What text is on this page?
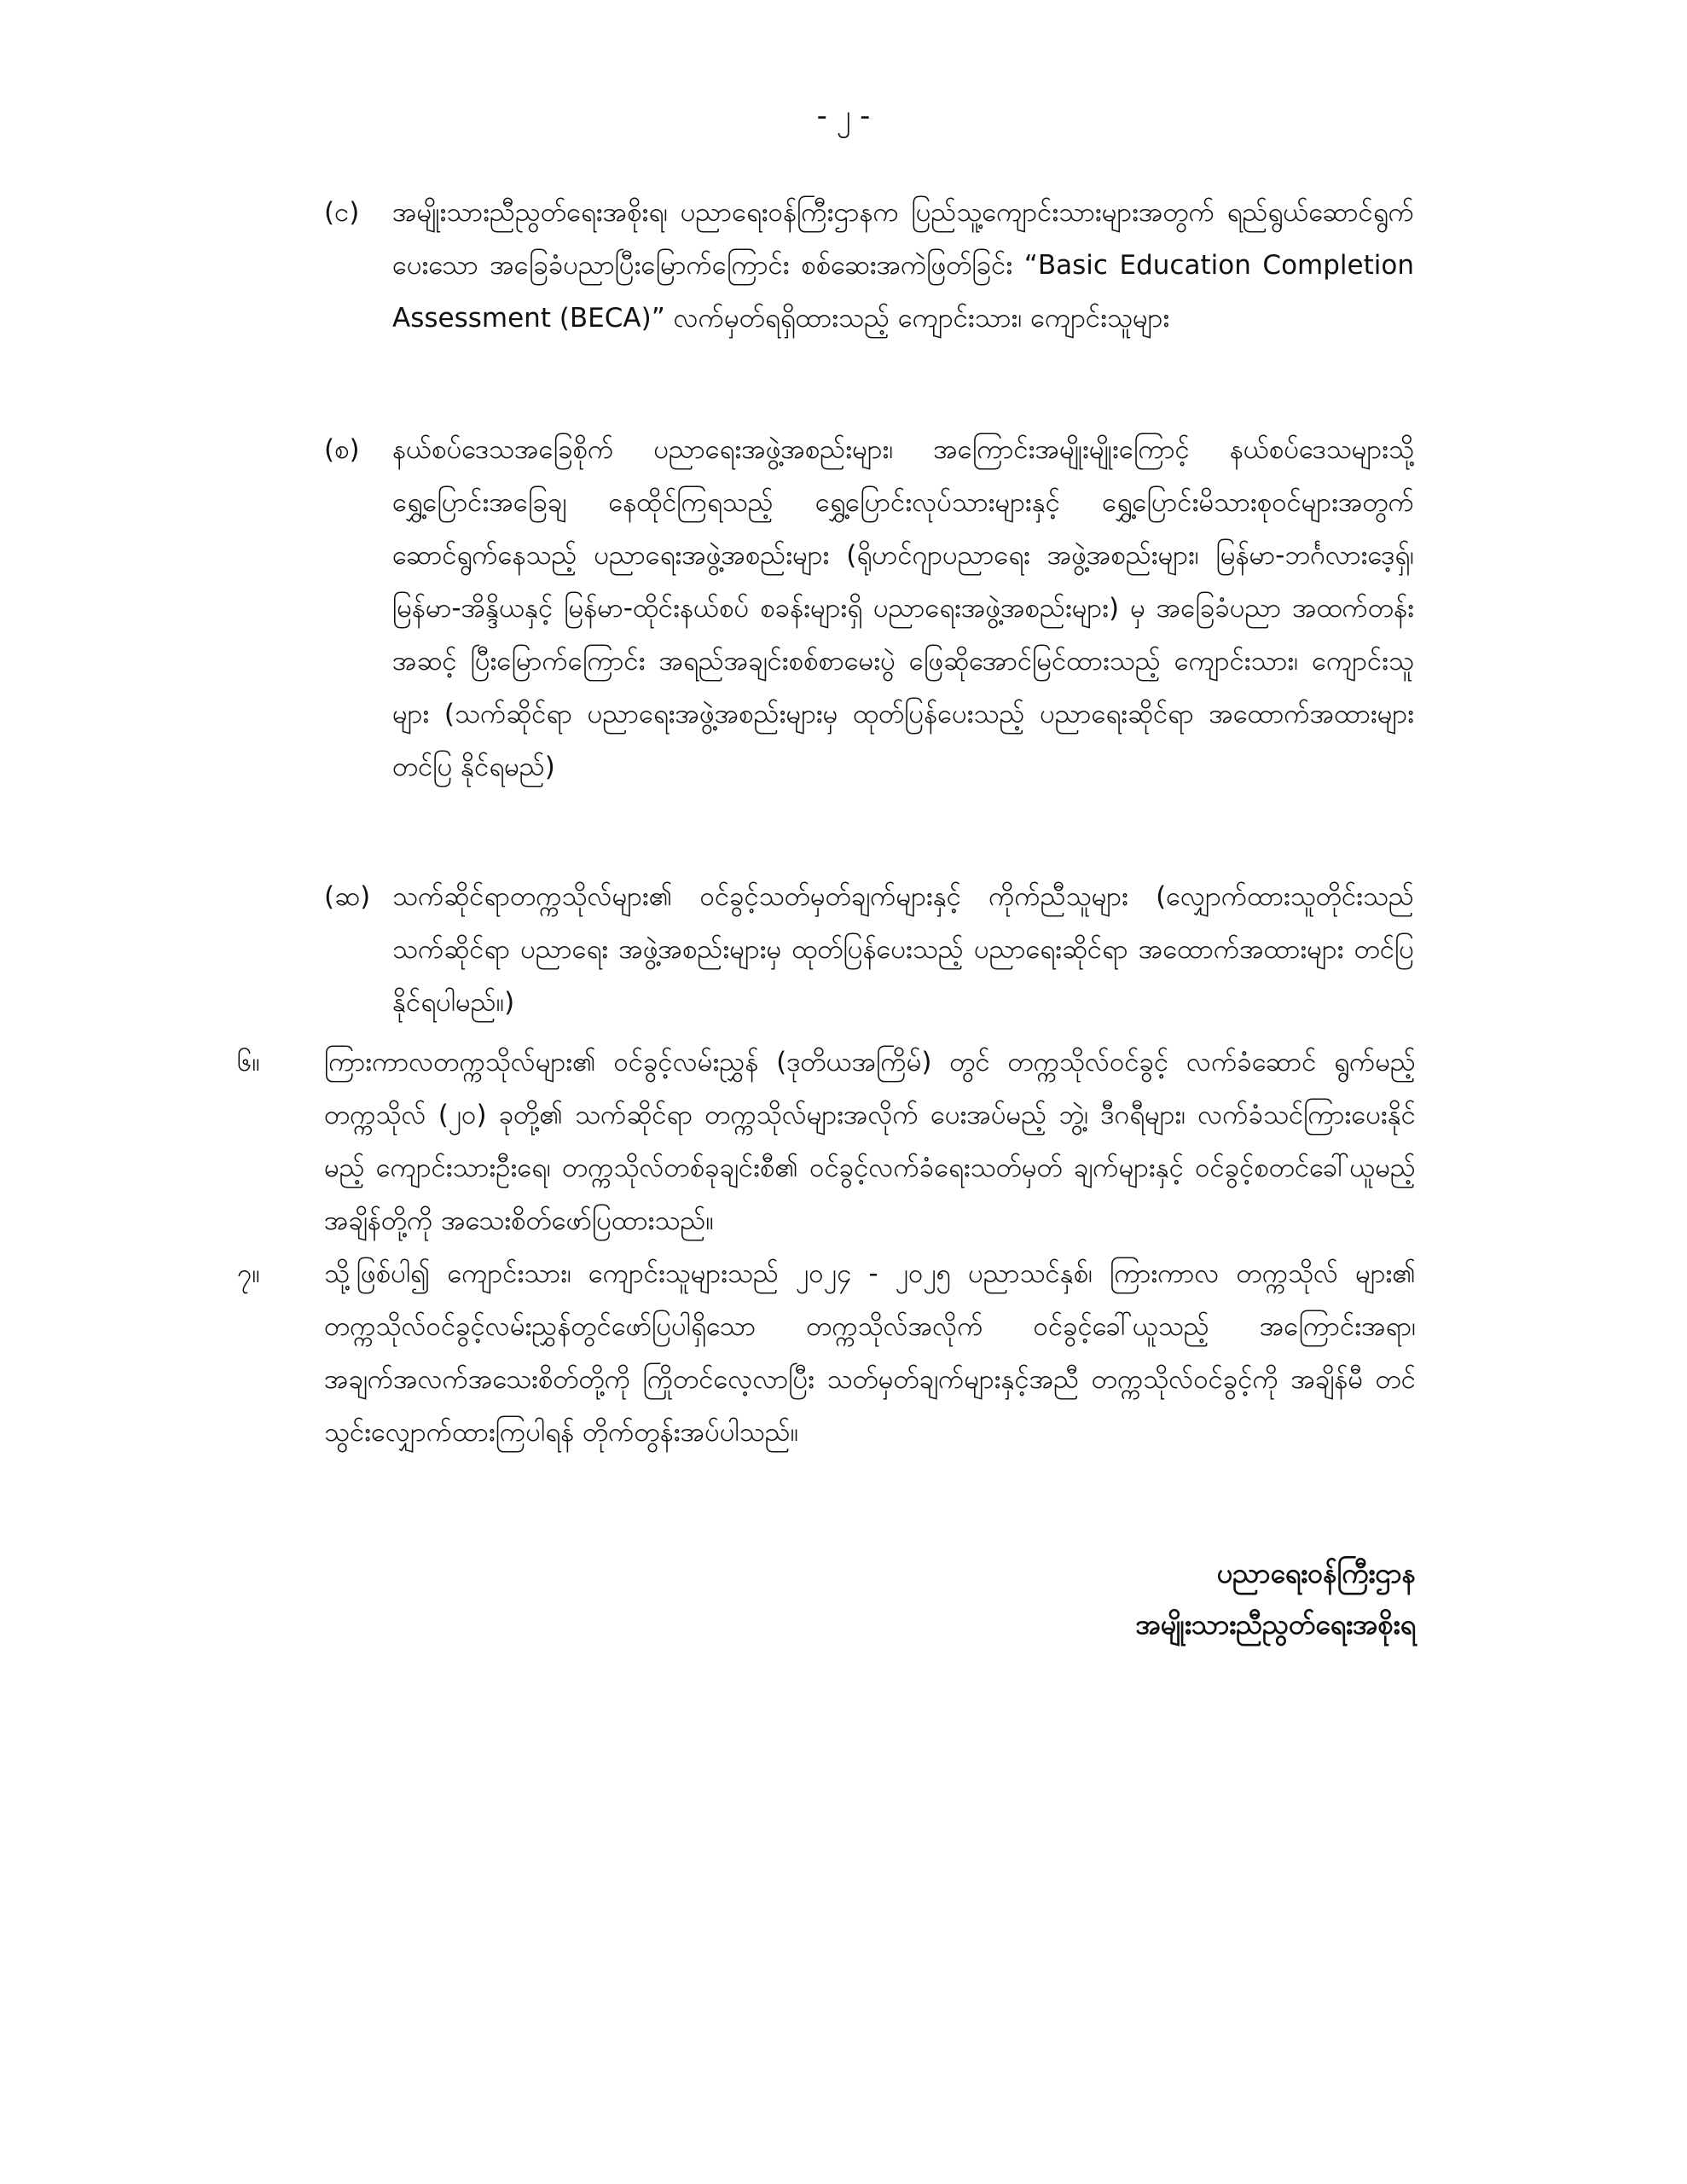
- ၂ -
(င) အမျိုးသားညီညွတ်ရေးအစိုးရ၊ ပညာရေးဝန်ကြီးဌာနက ပြည်သူ့ကျောင်းသားများအတွက် ရည်ရွယ်ဆောင်ရွက် ပေးသော အခြေခံပညာပြီးမြောက်ကြောင်း စစ်ဆေးအကဲဖြတ်ခြင်း “Basic Education Completion Assessment (BECA)” လက်မှတ်ရရှိထားသည့် ကျောင်းသား၊ ကျောင်းသူများ
(စ) နယ်စပ်ဒေသအခြေစိုက် ပညာရေးအဖွဲ့အစည်းများ၊ အကြောင်းအမျိုးမျိုးကြောင့် နယ်စပ်ဒေသများသို့ ရွှေ့ပြောင်းအခြေချ နေထိုင်ကြရသည့် ရွှေ့ပြောင်းလုပ်သားများနှင့် ရွှေ့ပြောင်းမိသားစုဝင်များအတွက် ဆောင်ရွက်နေသည့် ပညာရေးအဖွဲ့အစည်းများ (ရိုဟင်ဂျာပညာရေး အဖွဲ့အစည်းများ၊ မြန်မာ-ဘင်္ဂလားဒေ့ရှ်၊ မြန်မာ-အိန္ဒိယနှင့် မြန်မာ-ထိုင်းနယ်စပ် စခန်းများရှိ ပညာရေးအဖွဲ့အစည်းများ) မှ အခြေခံပညာ အထက်တန်း အဆင့် ပြီးမြောက်ကြောင်း အရည်အချင်းစစ်စာမေးပွဲ ဖြေဆိုအောင်မြင်ထားသည့် ကျောင်းသား၊ ကျောင်းသူများ (သက်ဆိုင်ရာ ပညာရေးအဖွဲ့အစည်းများမှ ထုတ်ပြန်ပေးသည့် ပညာရေးဆိုင်ရာ အထောက်အထားများ တင်ပြ နိုင်ရမည်)
(ဆ) သက်ဆိုင်ရာတက္ကသိုလ်များ၏ ဝင်ခွင့်သတ်မှတ်ချက်များနှင့် ကိုက်ညီသူများ (လျှောက်ထားသူတိုင်းသည် သက်ဆိုင်ရာ ပညာရေး အဖွဲ့အစည်းများမှ ထုတ်ပြန်ပေးသည့် ပညာရေးဆိုင်ရာ အထောက်အထားများ တင်ပြနိုင်ရပါမည်။)
၆။ ကြားကာလတက္ကသိုလ်များ၏ ဝင်ခွင့်လမ်းညွှန် (ဒုတိယအကြိမ်) တွင် တက္ကသိုလ်ဝင်ခွင့် လက်ခံဆောင် ရွက်မည့် တက္ကသိုလ် (၂၀) ခုတို့၏ သက်ဆိုင်ရာ တက္ကသိုလ်များအလိုက် ပေးအပ်မည့် ဘွဲ့၊ ဒီဂရီများ၊ လက်ခံသင်ကြားပေးနိုင်မည့် ကျောင်းသားဦးရေ၊ တက္ကသိုလ်တစ်ခုချင်းစီ၏ ဝင်ခွင့်လက်ခံရေးသတ်မှတ် ချက်များနှင့် ဝင်ခွင့်စတင်ခေါ်ယူမည့်အချိန်တို့ကို အသေးစိတ်ဖော်ပြထားသည်။
၇။ သို့ဖြစ်ပါ၍ ကျောင်းသား၊ ကျောင်းသူများသည် ၂၀၂၄ - ၂၀၂၅ ပညာသင်နှစ်၊ ကြားကာလ တက္ကသိုလ် များ၏ တက္ကသိုလ်ဝင်ခွင့်လမ်းညွှန်တွင်ဖော်ပြပါရှိသော တက္ကသိုလ်အလိုက် ဝင်ခွင့်ခေါ်ယူသည့် အကြောင်းအရာ၊ အချက်အလက်အသေးစိတ်တို့ကို ကြိုတင်လေ့လာပြီး သတ်မှတ်ချက်များနှင့်အညီ တက္ကသိုလ်ဝင်ခွင့်ကို အချိန်မီ တင်သွင်းလျှောက်ထားကြပါရန် တိုက်တွန်းအပ်ပါသည်။
ပညာရေးဝန်ကြီးဌာန
အမျိုးသားညီညွတ်ရေးအစိုးရ
